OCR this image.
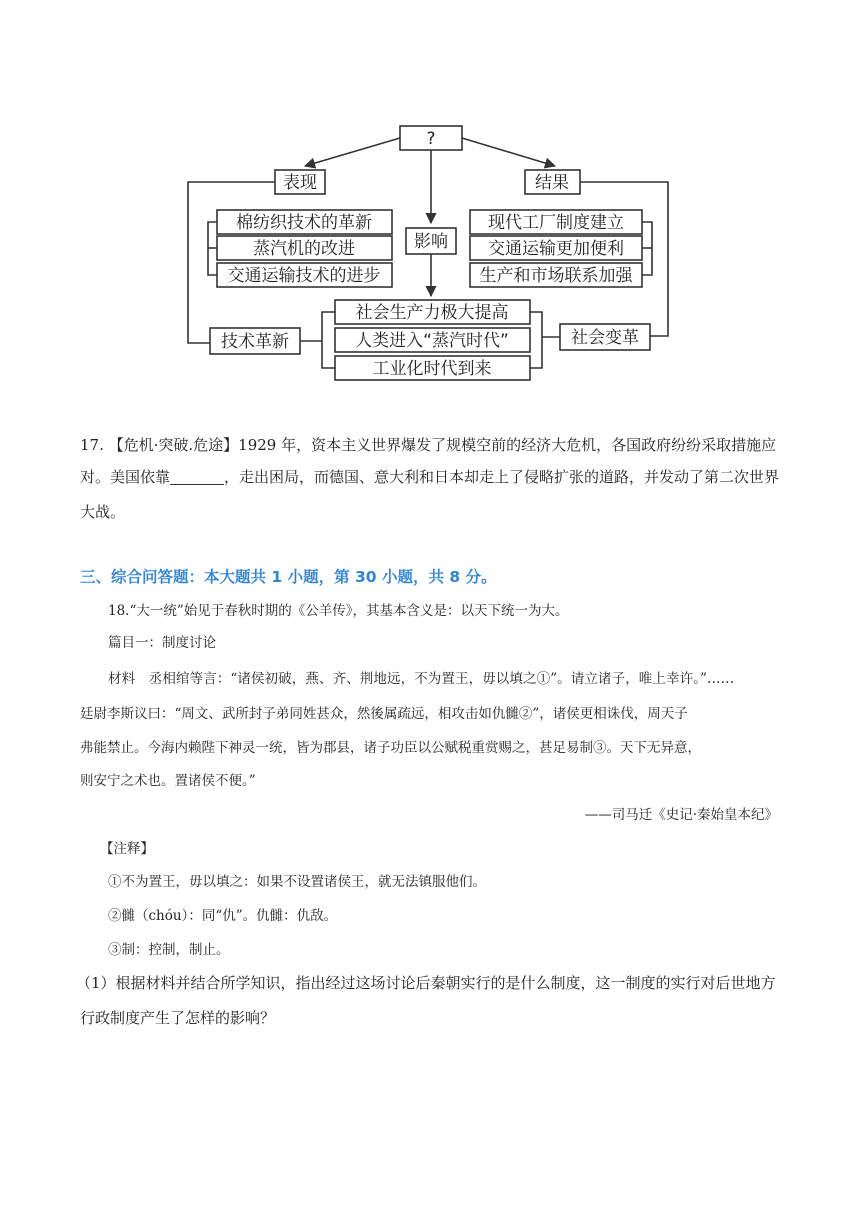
?
表现	结果
棉纺织技术的革新
蒸汽机的改进
交通运输技术的进步
影响
现代工厂制度建立
交通运输更加便利
生产和市场联系加强
技术革新	社会变革
社会生产力极大提高
人类进入“蒸汽时代”
工业化时代到来

17. 【危机·突破.危途】1929 年，资本主义世界爆发了规模空前的经济大危机，各国政府纷纷采取措施应

对。美国依靠	，走出困局，而德国、意大利和日本却走上了侵略扩张的道路，并发动了第二次世界

大战。

三、综合问答题：本大题共 1 小题，第 30 小题，共 8 分。

18.“大一统”始见于春秋时期的《公羊传》，其基本含义是：以天下统一为大。

篇目一：制度讨论

材料　丞相绾等言：“诸侯初破，燕、齐、荆地远，不为置王，毋以填之①”。请立诸子，唯上幸许。”……

廷尉李斯议曰：“周文、武所封子弟同姓甚众，然後属疏远，相攻击如仇雠②”，诸侯更相诛伐，周天子

弗能禁止。今海内赖陛下神灵一统，皆为郡县，诸子功臣以公赋税重赏赐之，甚足易制③。天下无异意，

则安宁之术也。置诸侯不便。”

——司马迁《史记·秦始皇本纪》

【注释】

①不为置王，毋以填之：如果不设置诸侯王，就无法镇服他们。

②雠（chóu）：同“仇”。仇雠：仇敌。

③制：控制，制止。

（1）根据材料并结合所学知识，指出经过这场讨论后秦朝实行的是什么制度，这一制度的实行对后世地方

行政制度产生了怎样的影响？
